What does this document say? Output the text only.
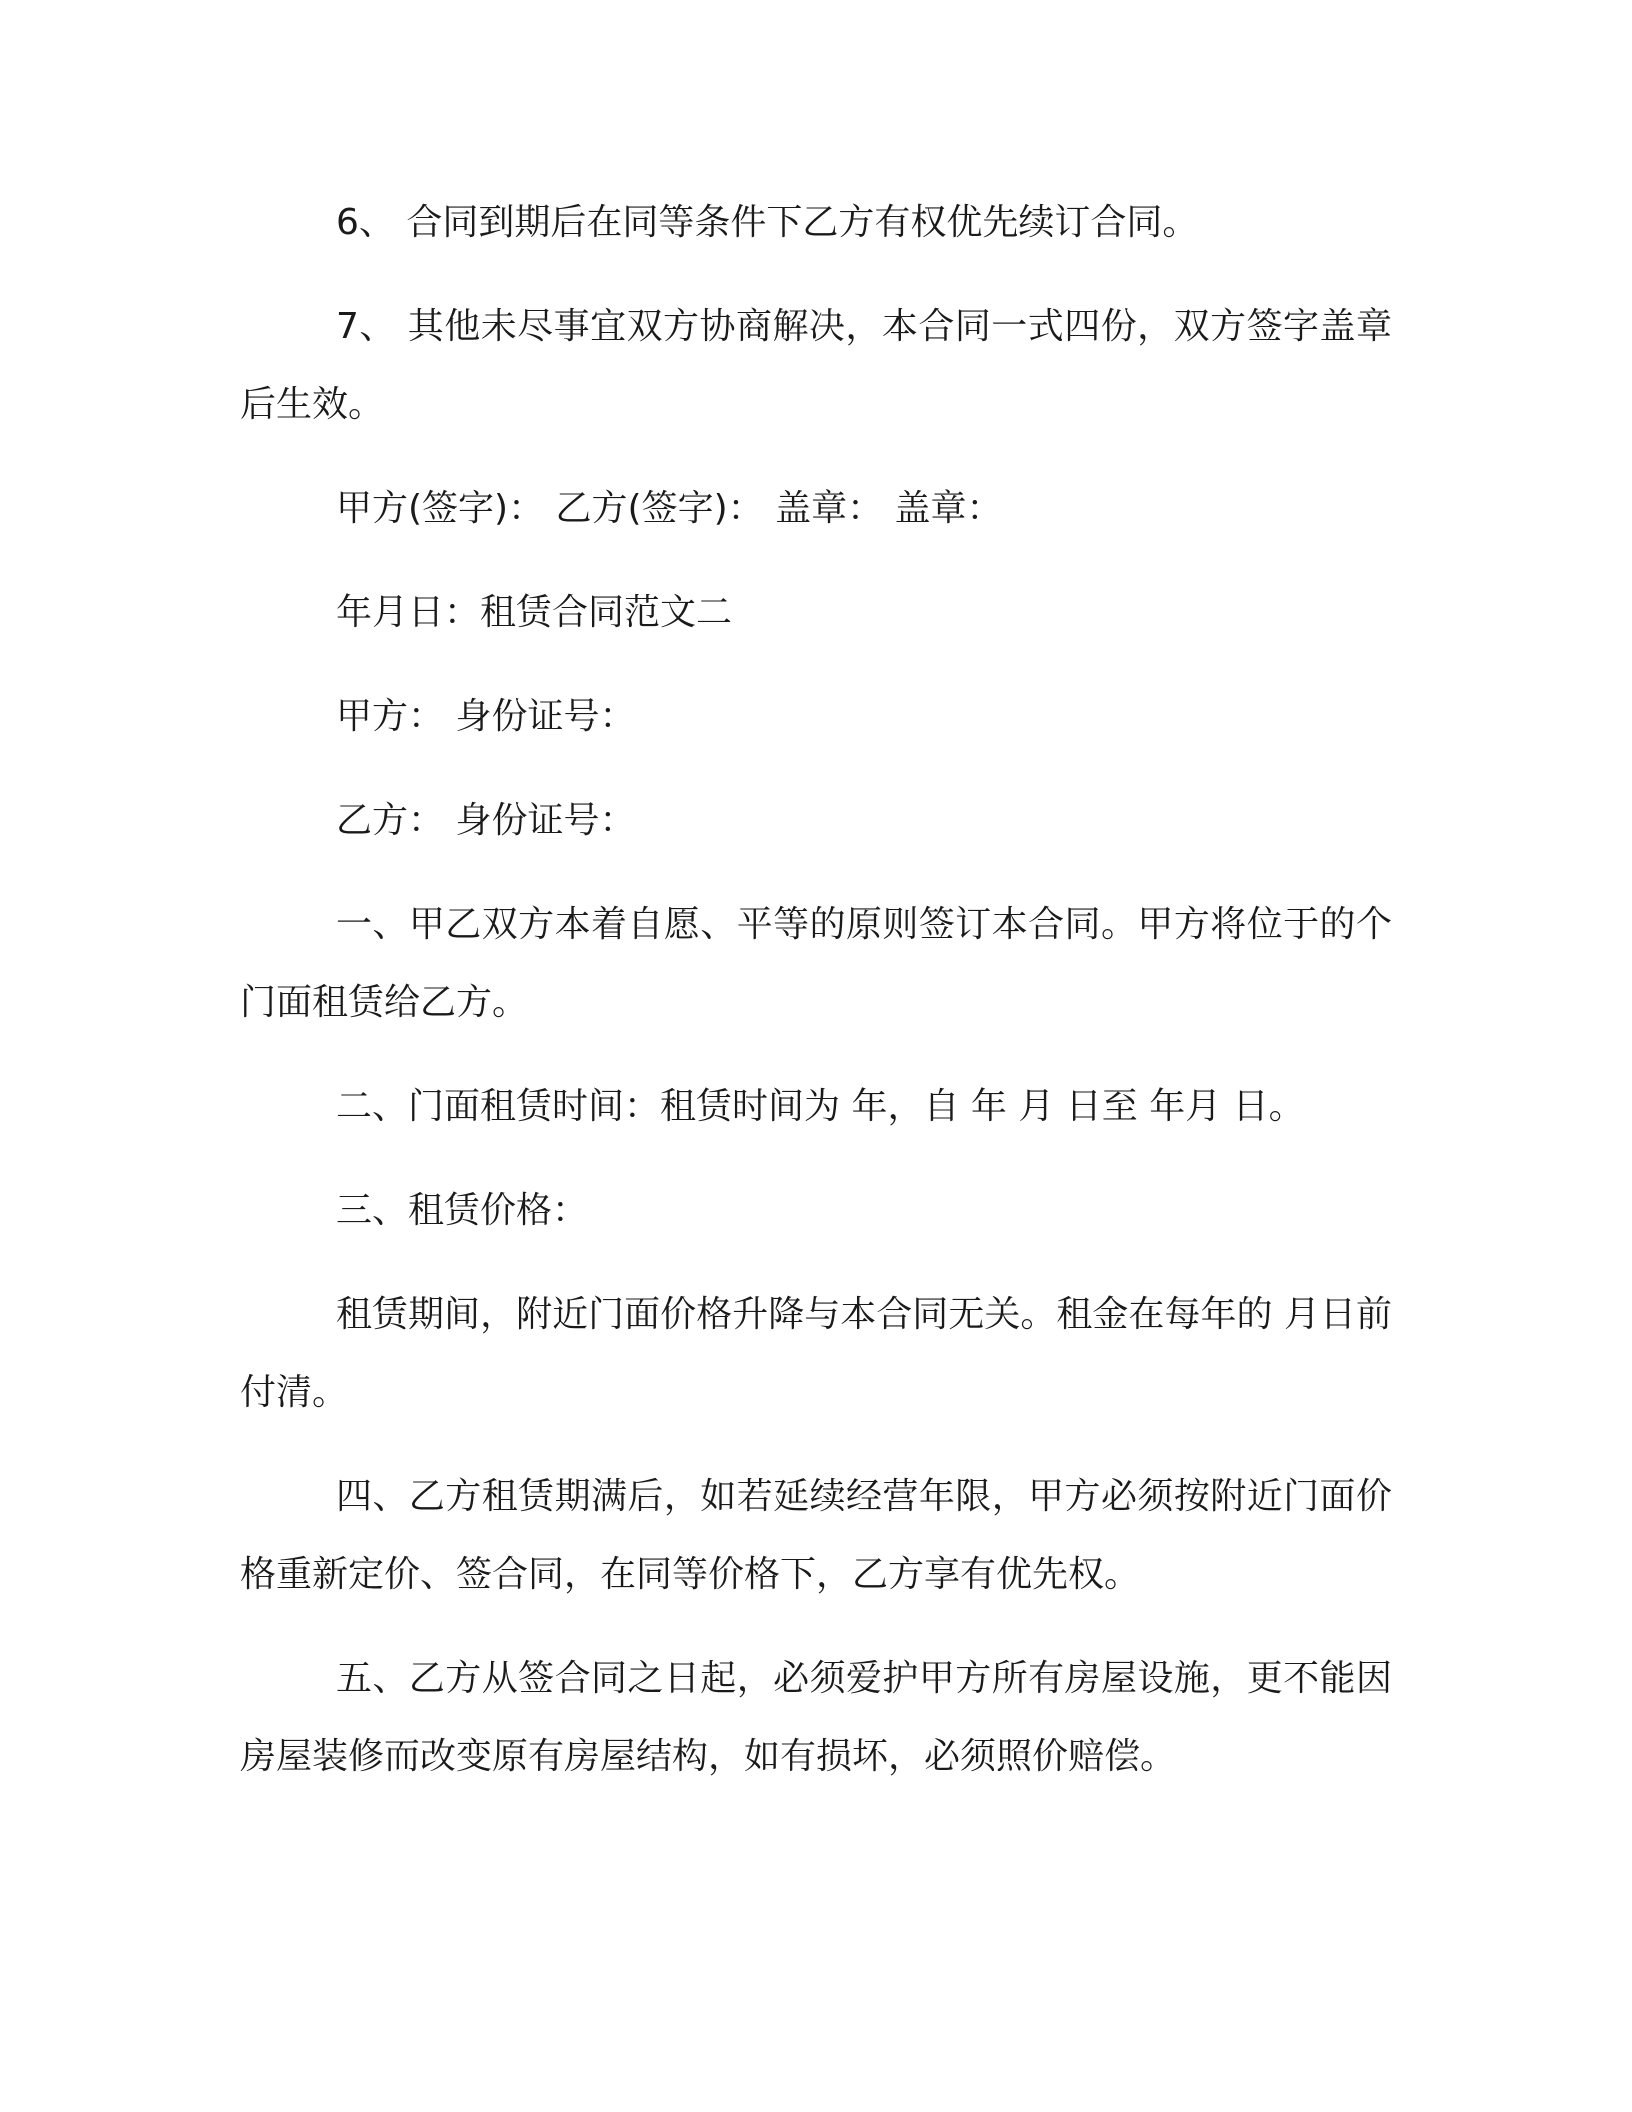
6、 合同到期后在同等条件下乙方有权优先续订合同。

7、 其他未尽事宜双方协商解决，本合同一式四份，双方签字盖章后生效。

甲方(签字)： 乙方(签字)： 盖章： 盖章：

年月日：租赁合同范文二

甲方： 身份证号：

乙方： 身份证号：

一、甲乙双方本着自愿、平等的原则签订本合同。甲方将位于的个门面租赁给乙方。

二、门面租赁时间：租赁时间为 年，自 年 月 日至 年月 日。

三、租赁价格：

租赁期间，附近门面价格升降与本合同无关。租金在每年的 月日前付清。

四、乙方租赁期满后，如若延续经营年限，甲方必须按附近门面价格重新定价、签合同，在同等价格下，乙方享有优先权。

五、乙方从签合同之日起，必须爱护甲方所有房屋设施，更不能因房屋装修而改变原有房屋结构，如有损坏，必须照价赔偿。
